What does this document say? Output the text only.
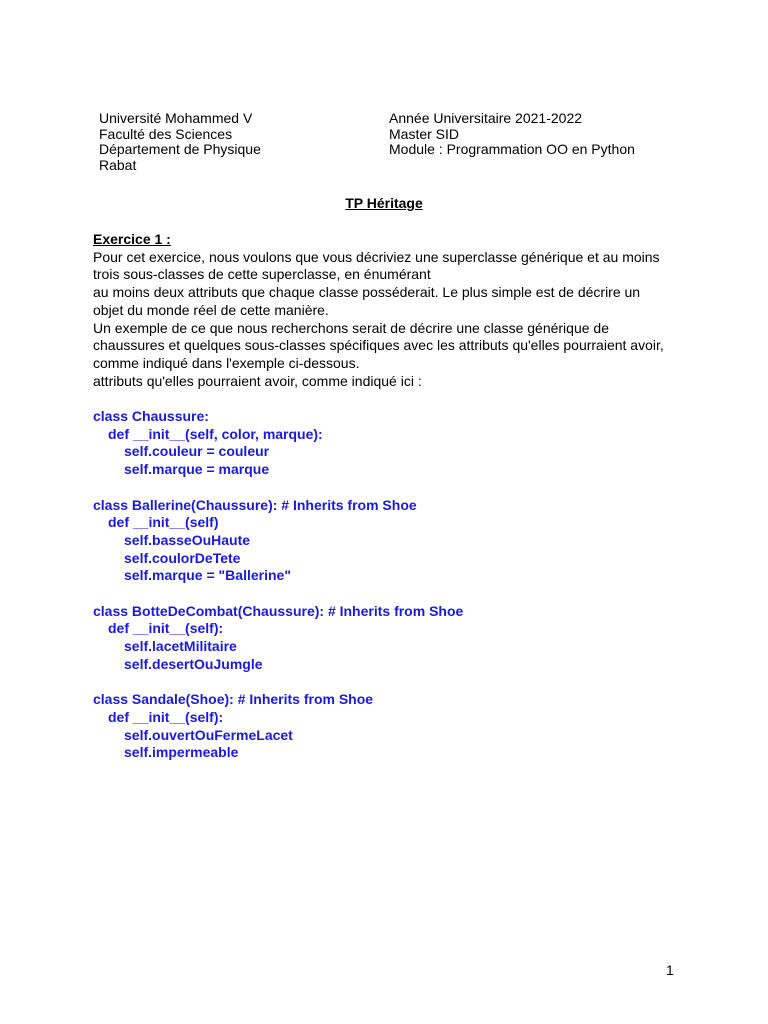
Université Mohammed V
Faculté des Sciences
Département de Physique
Rabat
Année Universitaire 2021-2022
Master SID
Module : Programmation OO en Python
TP Héritage
Exercice 1 :
Pour cet exercice, nous voulons que vous décriviez une superclasse générique et au moins
trois sous-classes de cette superclasse, en énumérant
au moins deux attributs que chaque classe posséderait. Le plus simple est de décrire un
objet du monde réel de cette manière.
Un exemple de ce que nous recherchons serait de décrire une classe générique de
chaussures et quelques sous-classes spécifiques avec les attributs qu'elles pourraient avoir,
comme indiqué dans l'exemple ci-dessous.
attributs qu'elles pourraient avoir, comme indiqué ici :
class Chaussure:
def __init__(self, color, marque):
self.couleur = couleur
self.marque = marque
class Ballerine(Chaussure): # Inherits from Shoe
def __init__(self)
self.basseOuHaute
self.coulorDeTete
self.marque = "Ballerine"
class BotteDeCombat(Chaussure): # Inherits from Shoe
def __init__(self):
self.lacetMilitaire
self.desertOuJumgle
class Sandale(Shoe): # Inherits from Shoe
def __init__(self):
self.ouvertOuFermeLacet
self.impermeable
1
